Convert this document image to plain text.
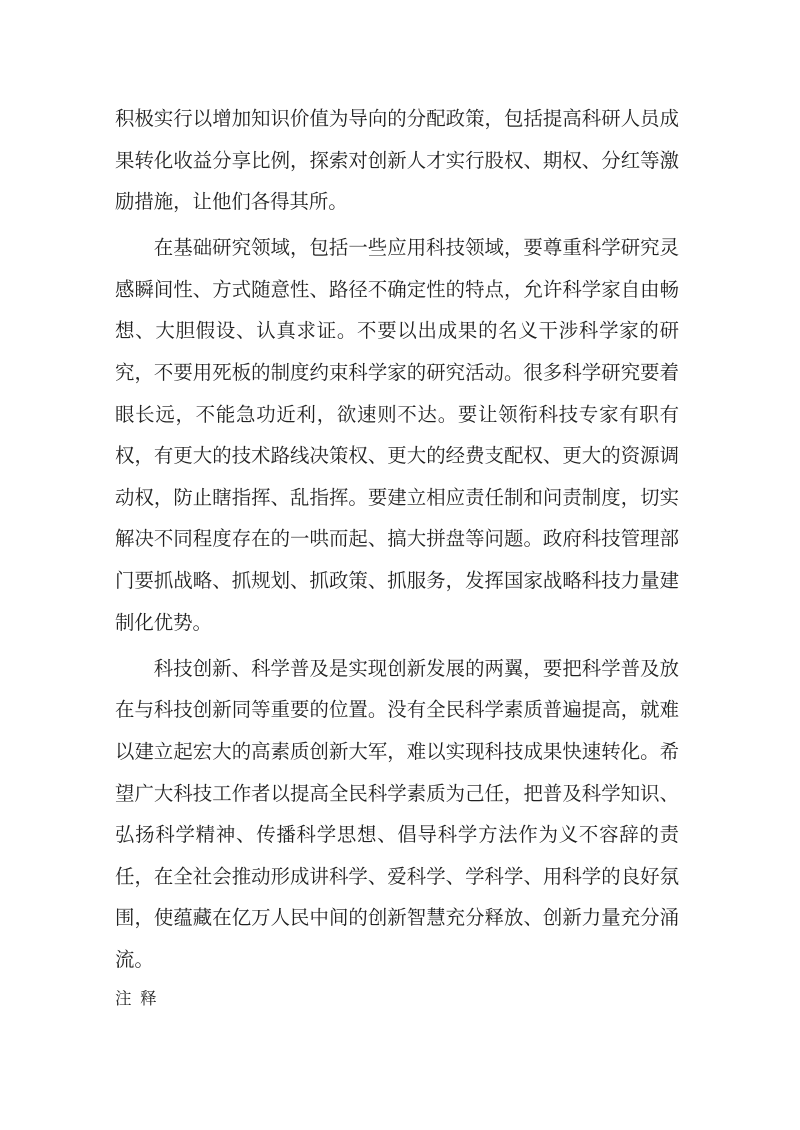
积极实行以增加知识价值为导向的分配政策，包括提高科研人员成果转化收益分享比例，探索对创新人才实行股权、期权、分红等激励措施，让他们各得其所。

在基础研究领域，包括一些应用科技领域，要尊重科学研究灵感瞬间性、方式随意性、路径不确定性的特点，允许科学家自由畅想、大胆假设、认真求证。不要以出成果的名义干涉科学家的研究，不要用死板的制度约束科学家的研究活动。很多科学研究要着眼长远，不能急功近利，欲速则不达。要让领衔科技专家有职有权，有更大的技术路线决策权、更大的经费支配权、更大的资源调动权，防止瞎指挥、乱指挥。要建立相应责任制和问责制度，切实解决不同程度存在的一哄而起、搞大拼盘等问题。政府科技管理部门要抓战略、抓规划、抓政策、抓服务，发挥国家战略科技力量建制化优势。

科技创新、科学普及是实现创新发展的两翼，要把科学普及放在与科技创新同等重要的位置。没有全民科学素质普遍提高，就难以建立起宏大的高素质创新大军，难以实现科技成果快速转化。希望广大科技工作者以提高全民科学素质为己任，把普及科学知识、弘扬科学精神、传播科学思想、倡导科学方法作为义不容辞的责任，在全社会推动形成讲科学、爱科学、学科学、用科学的良好氛围，使蕴藏在亿万人民中间的创新智慧充分释放、创新力量充分涌流。

注 释
